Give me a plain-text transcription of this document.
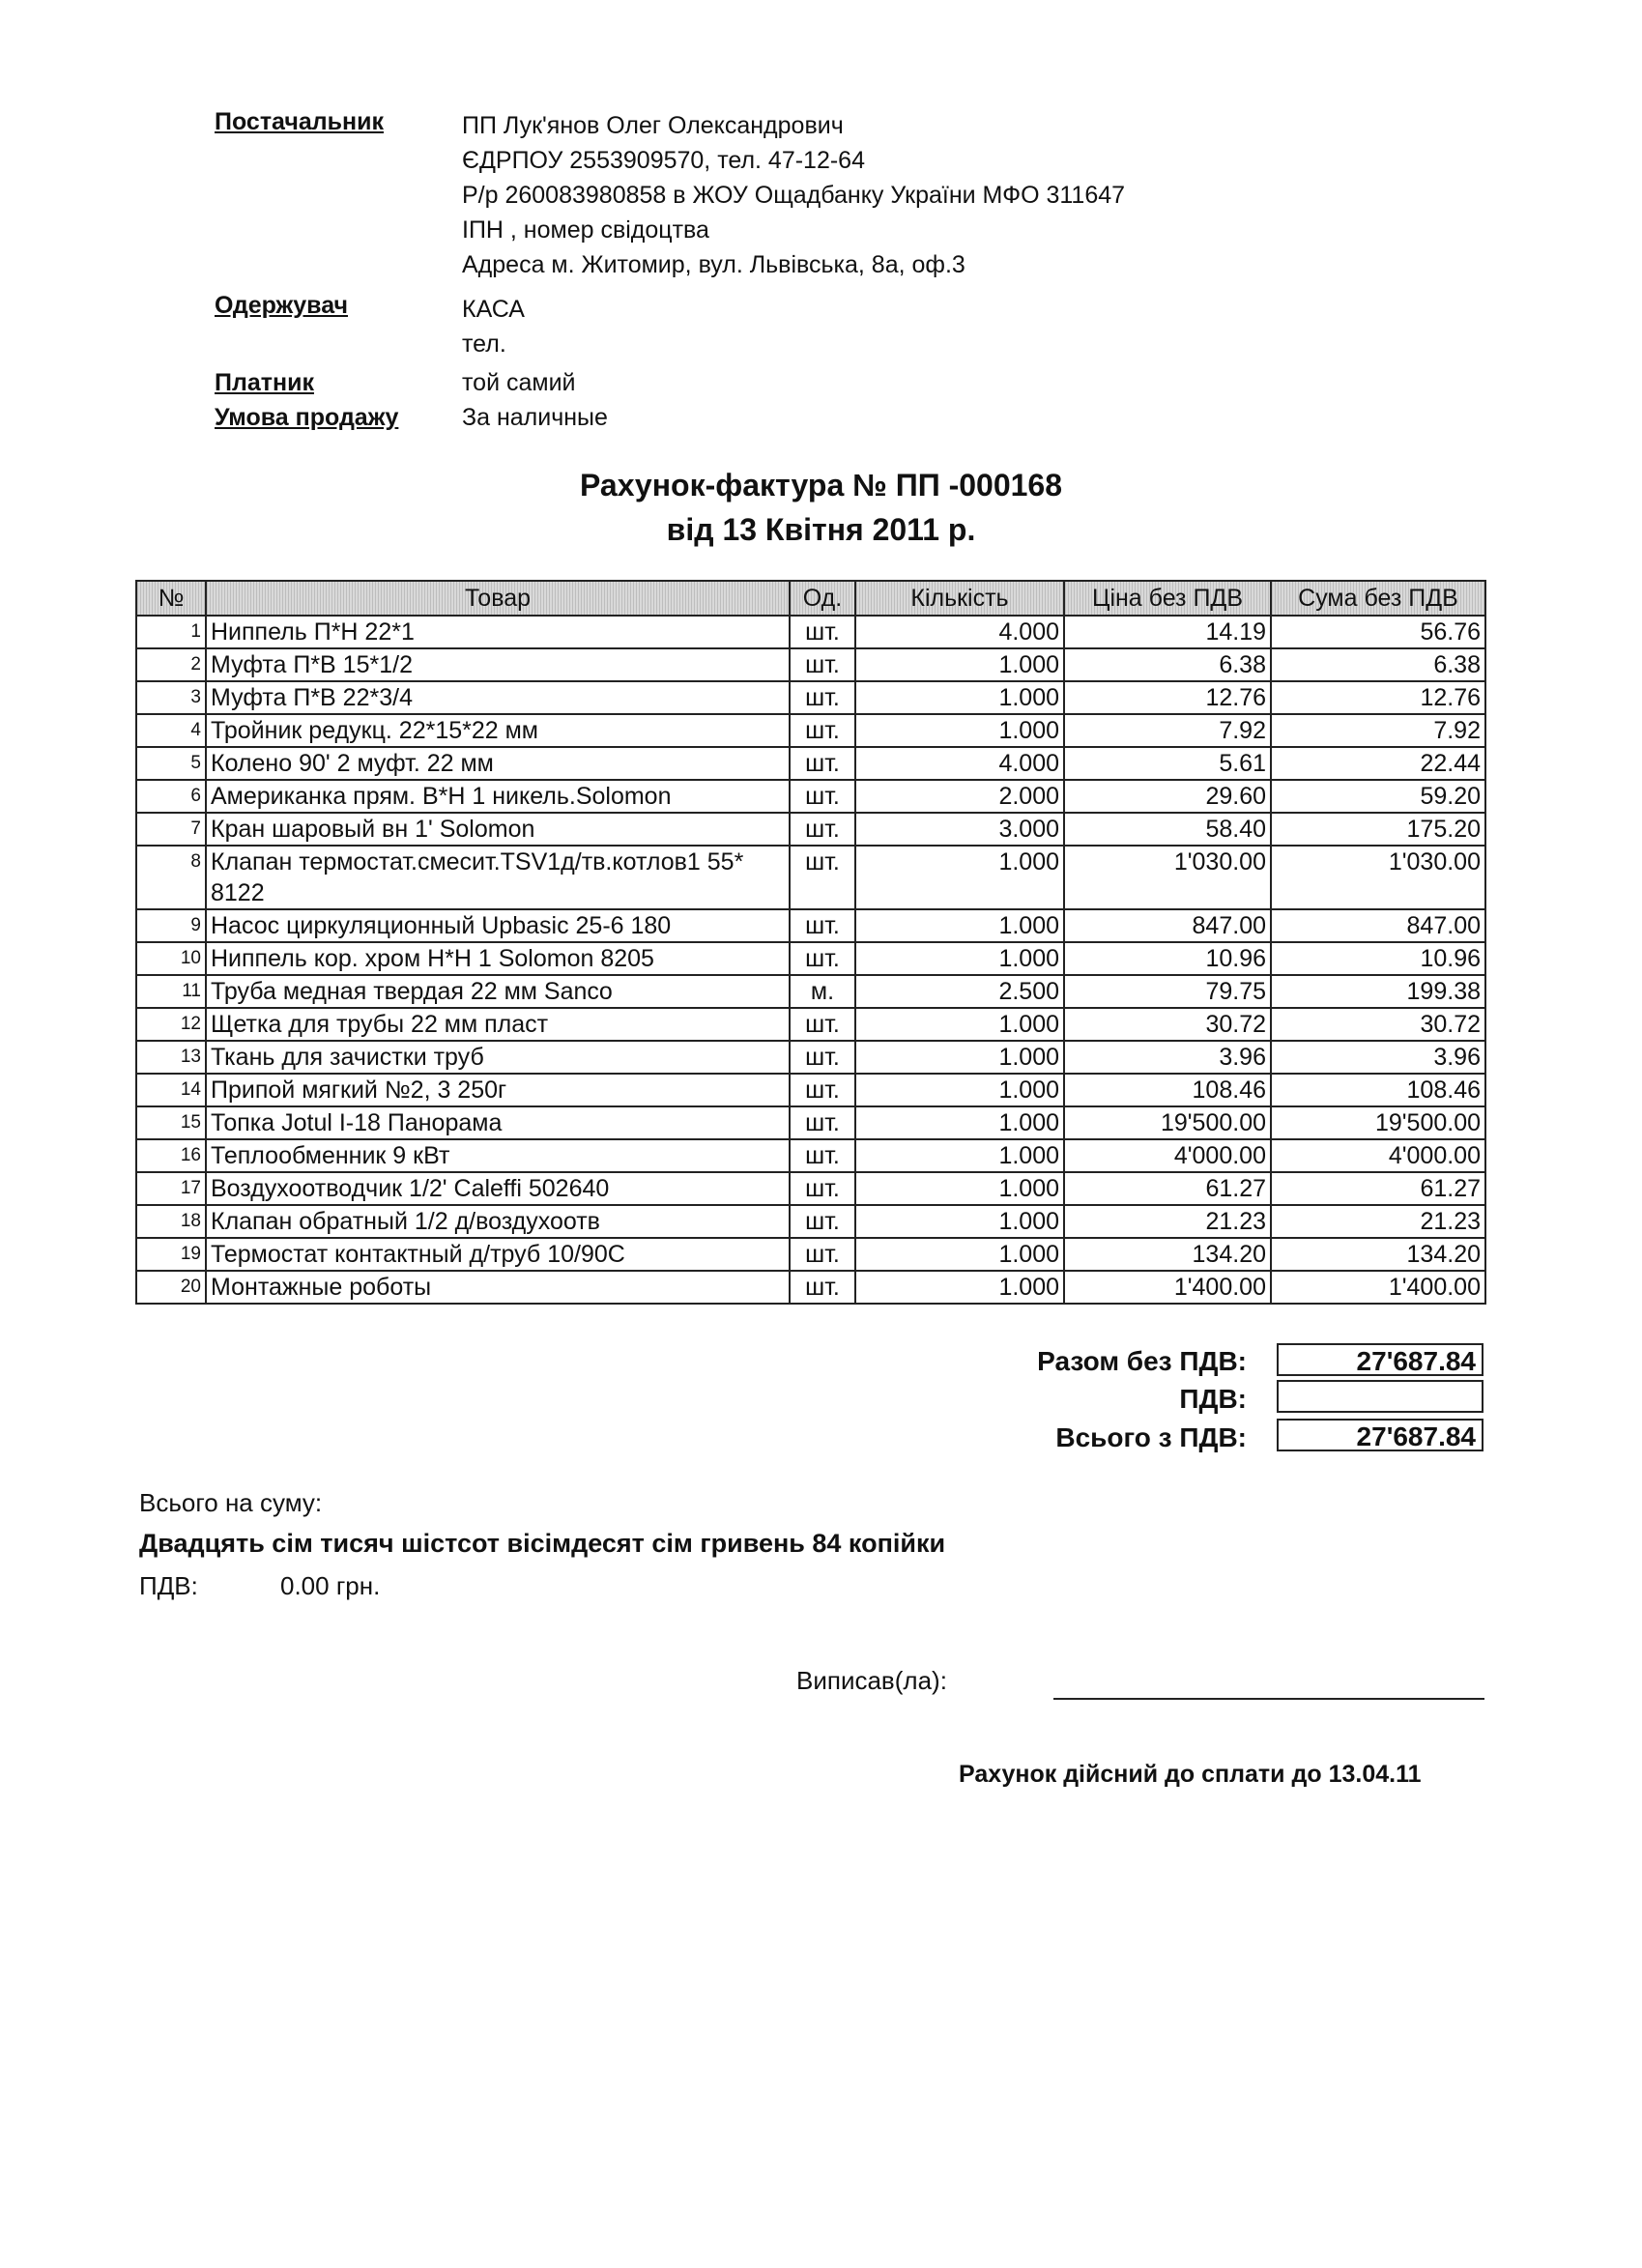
Постачальник	ПП Лук'янов Олег Олександрович
ЄДРПОУ 2553909570, тел. 47-12-64
Р/р 260083980858 в ЖОУ Ощадбанку України МФО 311647
ІПН , номер свідоцтва
Адреса м. Житомир, вул. Львівська, 8а, оф.3
Одержувач	КАСА
тел.
Платник	той самий
Умова продажу	За наличные
Рахунок-фактура № ПП -000168
від 13 Квітня 2011 р.
№	Товар	Од.	Кількість	Ціна без ПДВ	Сума без ПДВ
1	Ниппель П*Н 22*1	шт.	4.000	14.19	56.76
2	Муфта П*В 15*1/2	шт.	1.000	6.38	6.38
3	Муфта П*В 22*3/4	шт.	1.000	12.76	12.76
4	Тройник редукц. 22*15*22 мм	шт.	1.000	7.92	7.92
5	Колено 90' 2 муфт. 22 мм	шт.	4.000	5.61	22.44
6	Американка прям. В*Н 1 никель.Solomon	шт.	2.000	29.60	59.20
7	Кран шаровый вн 1' Solomon	шт.	3.000	58.40	175.20
8	Клапан термостат.смесит.TSV1д/тв.котлов1 55* 8122	шт.	1.000	1'030.00	1'030.00
9	Насос циркуляционный Upbasic 25-6 180	шт.	1.000	847.00	847.00
10	Ниппель кор. хром Н*Н 1 Solomon 8205	шт.	1.000	10.96	10.96
11	Труба медная твердая 22 мм Sanco	м.	2.500	79.75	199.38
12	Щетка для трубы 22 мм пласт	шт.	1.000	30.72	30.72
13	Ткань для зачистки труб	шт.	1.000	3.96	3.96
14	Припой мягкий №2, 3 250г	шт.	1.000	108.46	108.46
15	Топка Jotul I-18 Панорама	шт.	1.000	19'500.00	19'500.00
16	Теплообменник 9 кВт	шт.	1.000	4'000.00	4'000.00
17	Воздухоотводчик 1/2' Caleffi 502640	шт.	1.000	61.27	61.27
18	Клапан обратный 1/2 д/воздухоотв	шт.	1.000	21.23	21.23
19	Термостат контактный д/труб 10/90С	шт.	1.000	134.20	134.20
20	Монтажные роботы	шт.	1.000	1'400.00	1'400.00
Разом без ПДВ:	27'687.84
ПДВ:
Всього з ПДВ:	27'687.84
Всього на суму:
Двадцять сім тисяч шістсот вісімдесят сім гривень 84 копійки
ПДВ:	0.00 грн.
Виписав(ла):
Рахунок дійсний до сплати до 13.04.11
